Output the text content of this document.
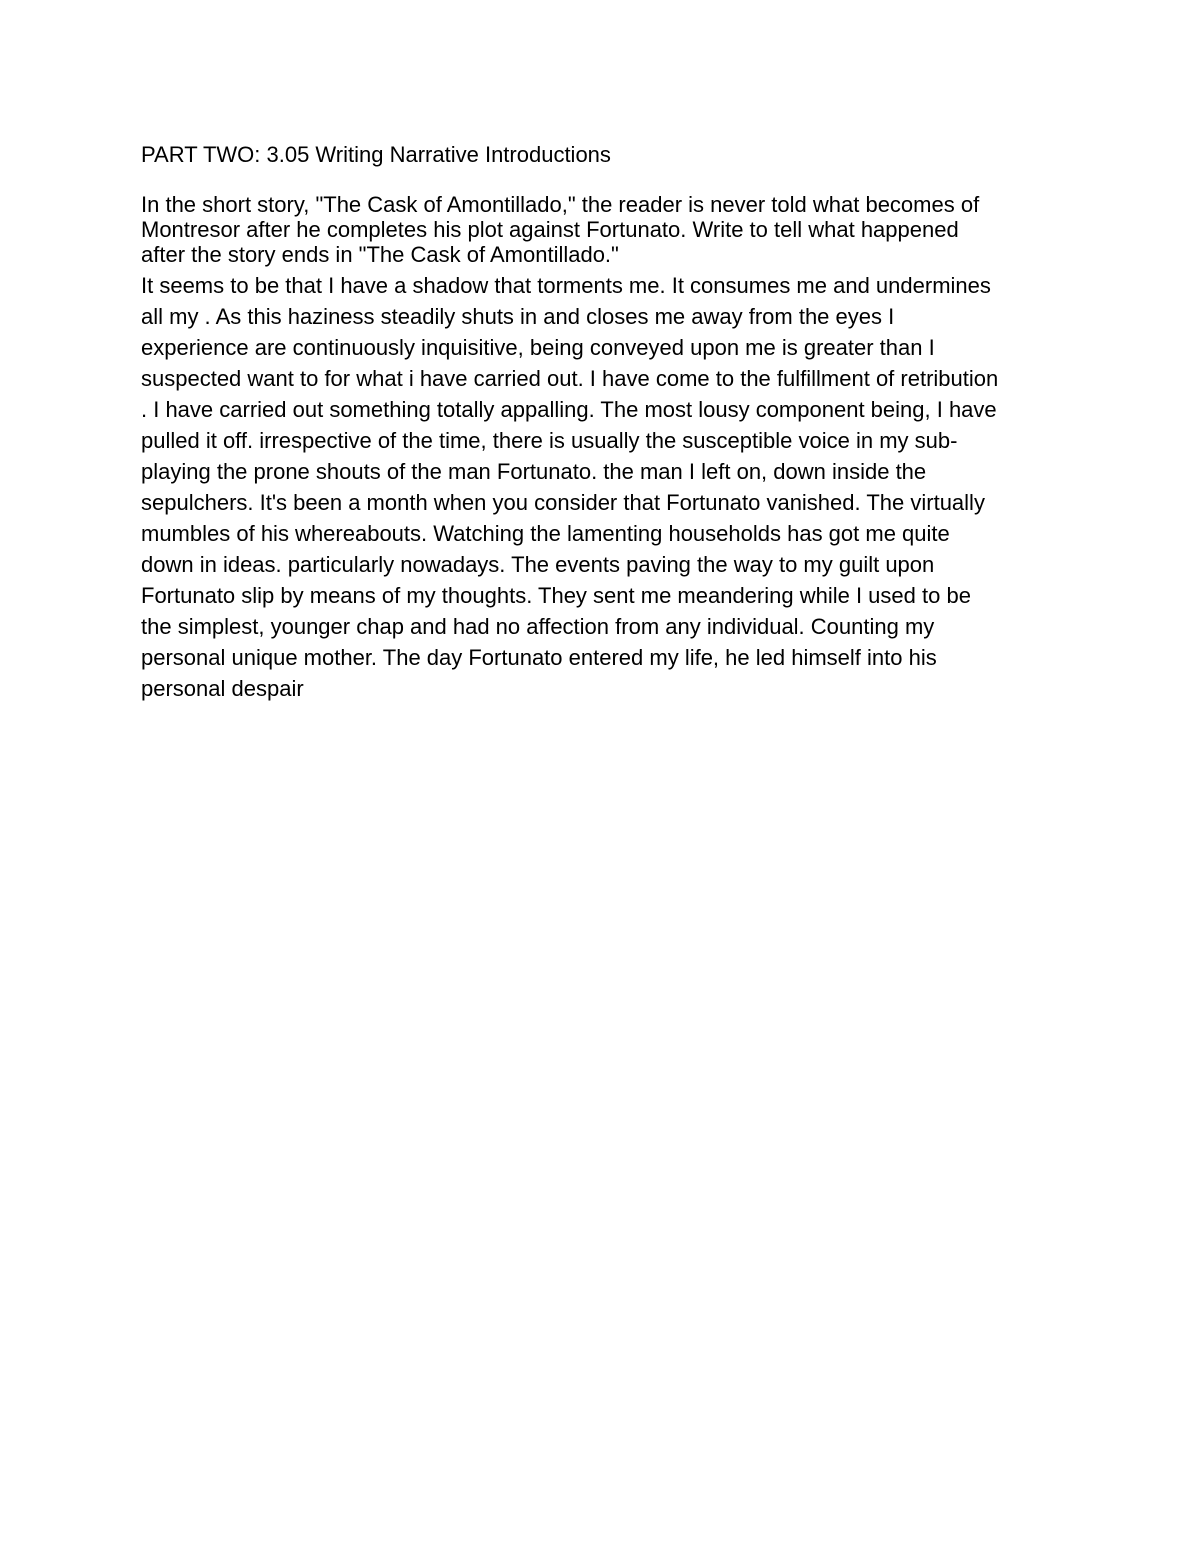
PART TWO: 3.05 Writing Narrative Introductions
In the short story, "The Cask of Amontillado," the reader is never told what becomes of
Montresor after he completes his plot against Fortunato. Write to tell what happened
after the story ends in "The Cask of Amontillado."
It seems to be that I have a shadow that torments me. It consumes me and undermines
all my . As this haziness steadily shuts in and closes me away from the eyes I
experience are continuously inquisitive, being conveyed upon me is greater than I
suspected want to for what i have carried out. I have come to the fulfillment of retribution
. I have carried out something totally appalling. The most lousy component being, I have
pulled it off. irrespective of the time, there is usually the susceptible voice in my sub-
playing the prone shouts of the man Fortunato. the man I left on, down inside the
sepulchers. It's been a month when you consider that Fortunato vanished. The virtually
mumbles of his whereabouts. Watching the lamenting households has got me quite
down in ideas. particularly nowadays. The events paving the way to my guilt upon
Fortunato slip by means of my thoughts. They sent me meandering while I used to be
the simplest, younger chap and had no affection from any individual. Counting my
personal unique mother. The day Fortunato entered my life, he led himself into his
personal despair
